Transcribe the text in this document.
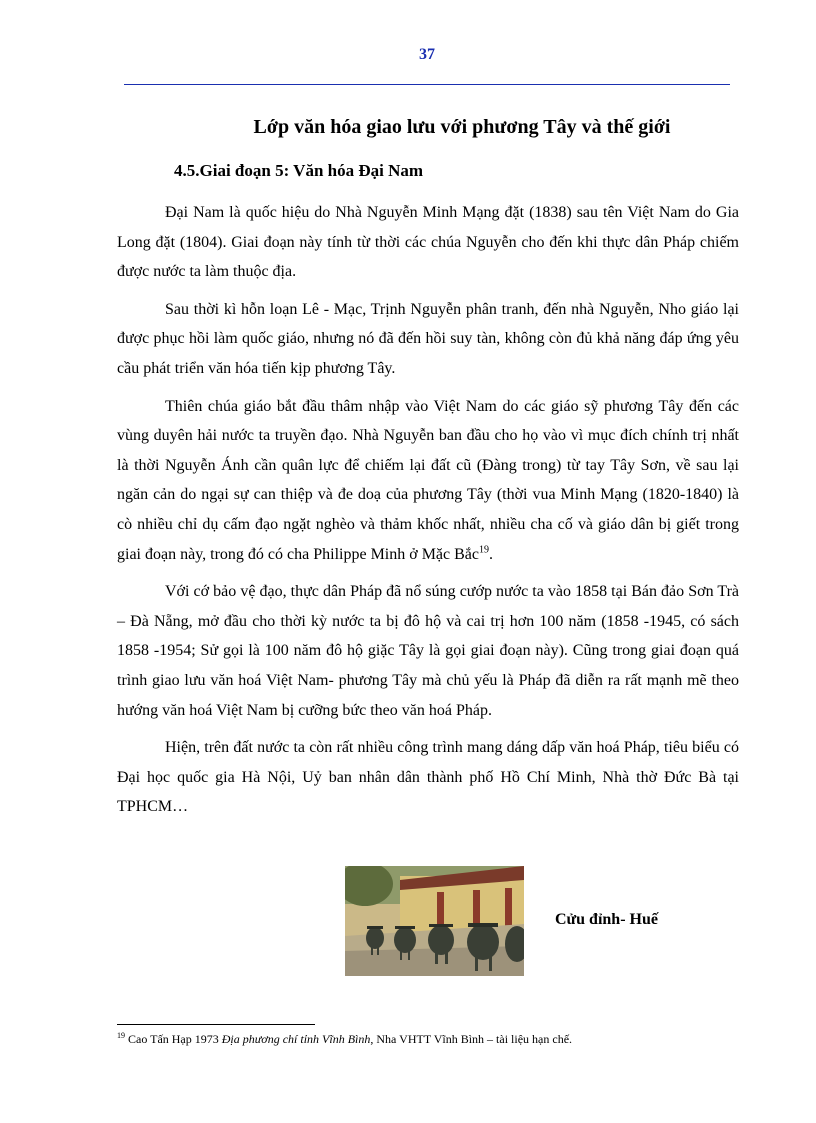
37
Lớp văn hóa giao lưu với phương Tây và thế giới
4.5.Giai đoạn 5: Văn hóa Đại Nam

Đại Nam là quốc hiệu do Nhà Nguyễn Minh Mạng đặt (1838) sau tên Việt Nam do Gia Long đặt (1804). Giai đoạn này tính từ thời các chúa Nguyễn cho đến khi thực dân Pháp chiếm được nước ta làm thuộc địa.

Sau thời kì hỗn loạn Lê - Mạc, Trịnh Nguyễn phân tranh, đến nhà Nguyễn, Nho giáo lại được phục hồi làm quốc giáo, nhưng nó đã đến hồi suy tàn, không còn đủ khả năng đáp ứng yêu cầu phát triển văn hóa tiến kịp phương Tây.

Thiên chúa giáo bắt đầu thâm nhập vào Việt Nam do các giáo sỹ phương Tây đến các vùng duyên hải nước ta truyền đạo. Nhà Nguyễn ban đầu cho họ vào vì mục đích chính trị nhất là thời Nguyễn Ánh cần quân lực để chiếm lại đất cũ (Đàng trong) từ tay Tây Sơn, về sau lại ngăn cản do ngại sự can thiệp và đe doạ của phương Tây (thời vua Minh Mạng (1820-1840) là cò nhiều chỉ dụ cấm đạo ngặt nghèo và thảm khốc nhất, nhiều cha cố và giáo dân bị giết trong giai đoạn này, trong đó có cha Philippe Minh ở Mặc Bắc$^{19}$.

Với cớ bảo vệ đạo, thực dân Pháp đã nổ súng cướp nước ta vào 1858 tại Bán đảo Sơn Trà – Đà Nẵng, mở đầu cho thời kỳ nước ta bị đô hộ và cai trị hơn 100 năm (1858 -1945, có sách 1858 -1954; Sử gọi là 100 năm đô hộ giặc Tây là gọi giai đoạn này). Cũng trong giai đoạn quá trình giao lưu văn hoá Việt Nam- phương Tây mà chủ yếu là Pháp đã diễn ra rất mạnh mẽ theo hướng văn hoá Việt Nam bị cưỡng bức theo văn hoá Pháp.

Hiện, trên đất nước ta còn rất nhiều công trình mang dáng dấp văn hoá Pháp, tiêu biểu có Đại học quốc gia Hà Nội, Uỷ ban nhân dân thành phố Hồ Chí Minh, Nhà thờ Đức Bà tại TPHCM…

Cửu đỉnh- Huế
$^{19}$ Cao Tấn Hạp 1973 Địa phương chí tỉnh Vĩnh Bình, Nha VHTT Vĩnh Bình – tài liệu hạn chế.
